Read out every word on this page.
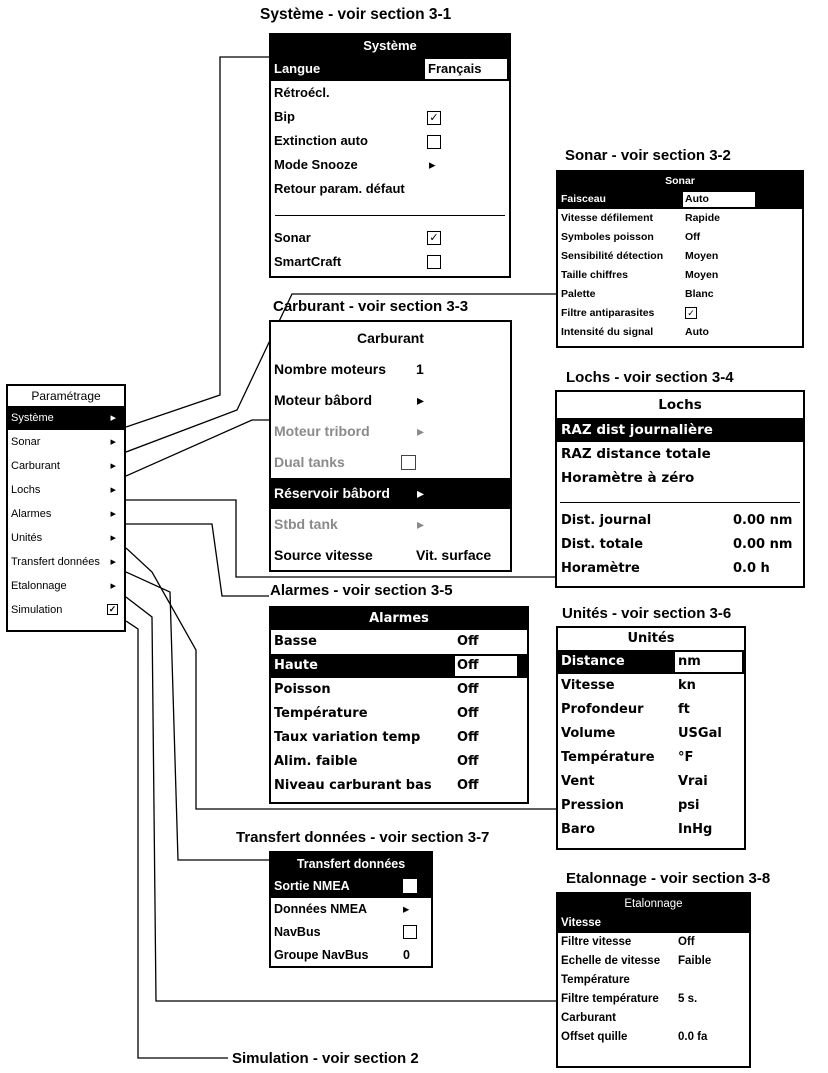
Système - voir section 3-1
Sonar - voir section 3-2
Carburant - voir section 3-3
Lochs - voir section 3-4
Alarmes - voir section 3-5
Unités - voir section 3-6
Transfert données - voir section 3-7
Etalonnage - voir section 3-8
Simulation - voir section 2
Paramétrage
Système	▸
Sonar	▸
Carburant	▸
Lochs	▸
Alarmes	▸
Unités	▸
Transfert données ▸
Etalonnage	▸
Simulation	✓
Système
Langue	Français
Rétroécl.
Bip	✓
Extinction auto
Mode Snooze	▸
Retour param. défaut
Sonar	✓
SmartCraft
Sonar
Faisceau	Auto
Vitesse défilement	Rapide
Symboles poisson	Off
Sensibilité détection Moyen
Taille chiffres	Moyen
Palette	Blanc
Filtre antiparasites	✓
Intensité du signal	Auto
Carburant
Nombre moteurs 1
Moteur bâbord	▸
Moteur tribord	▸
Dual tanks
Réservoir bâbord ▸
Stbd tank	▸
Source vitesse	Vit. surface
Lochs
RAZ dist journalière
RAZ distance totale
Horamètre à zéro
Dist. journal	0.00 nm
Dist. totale	0.00 nm
Horamètre	0.0 h
Alarmes
Basse	Off
Haute	Off
Poisson	Off
Température	Off
Taux variation temp	Off
Alim. faible	Off
Niveau carburant bas Off
Unités
Distance	nm
Vitesse	kn
Profondeur	ft
Volume	USGal
Température °F
Vent	Vrai
Pression	psi
Baro	InHg
Transfert données
Sortie NMEA
Données NMEA	▸
NavBus
Groupe NavBus	0
Etalonnage
Vitesse
Filtre vitesse	Off
Echelle de vitesse Faible
Température
Filtre température 5 s.
Carburant
Offset quille	0.0 fa
